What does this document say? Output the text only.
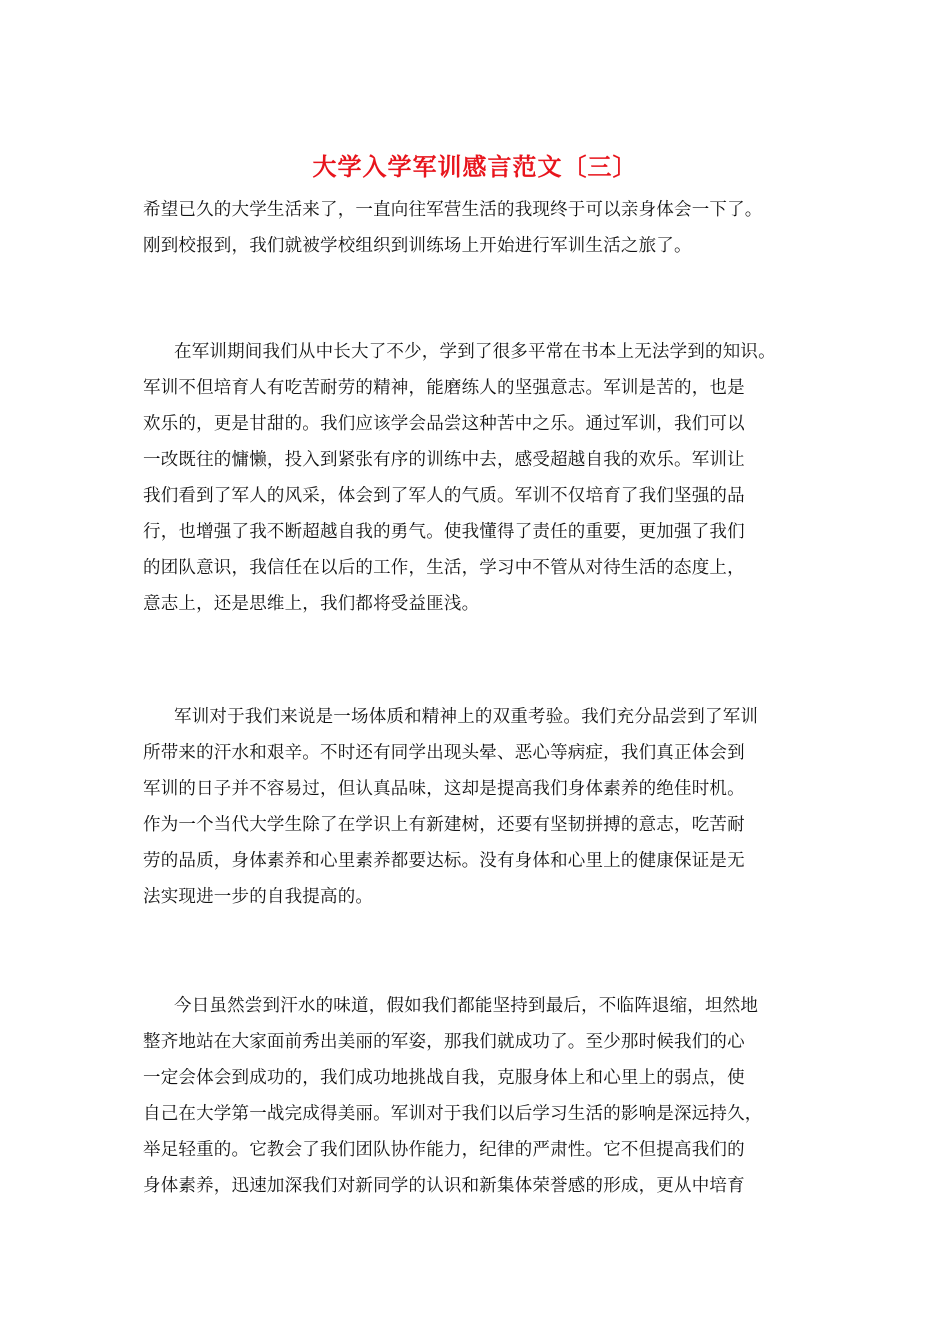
大学入学军训感言范文〔三〕
希望已久的大学生活来了，一直向往军营生活的我现终于可以亲身体会一下了。
刚到校报到，我们就被学校组织到训练场上开始进行军训生活之旅了。
在军训期间我们从中长大了不少，学到了很多平常在书本上无法学到的知识。
军训不但培育人有吃苦耐劳的精神，能磨练人的坚强意志。军训是苦的，也是
欢乐的，更是甘甜的。我们应该学会品尝这种苦中之乐。通过军训，我们可以
一改既往的慵懒，投入到紧张有序的训练中去，感受超越自我的欢乐。军训让
我们看到了军人的风采，体会到了军人的气质。军训不仅培育了我们坚强的品
行，也增强了我不断超越自我的勇气。使我懂得了责任的重要，更加强了我们
的团队意识，我信任在以后的工作，生活，学习中不管从对待生活的态度上，
意志上，还是思维上，我们都将受益匪浅。
军训对于我们来说是一场体质和精神上的双重考验。我们充分品尝到了军训
所带来的汗水和艰辛。不时还有同学出现头晕、恶心等病症，我们真正体会到
军训的日子并不容易过，但认真品味，这却是提高我们身体素养的绝佳时机。
作为一个当代大学生除了在学识上有新建树，还要有坚韧拼搏的意志，吃苦耐
劳的品质，身体素养和心里素养都要达标。没有身体和心里上的健康保证是无
法实现进一步的自我提高的。
今日虽然尝到汗水的味道，假如我们都能坚持到最后，不临阵退缩，坦然地
整齐地站在大家面前秀出美丽的军姿，那我们就成功了。至少那时候我们的心
一定会体会到成功的，我们成功地挑战自我，克服身体上和心里上的弱点，使
自己在大学第一战完成得美丽。军训对于我们以后学习生活的影响是深远持久，
举足轻重的。它教会了我们团队协作能力，纪律的严肃性。它不但提高我们的
身体素养，迅速加深我们对新同学的认识和新集体荣誉感的形成，更从中培育
